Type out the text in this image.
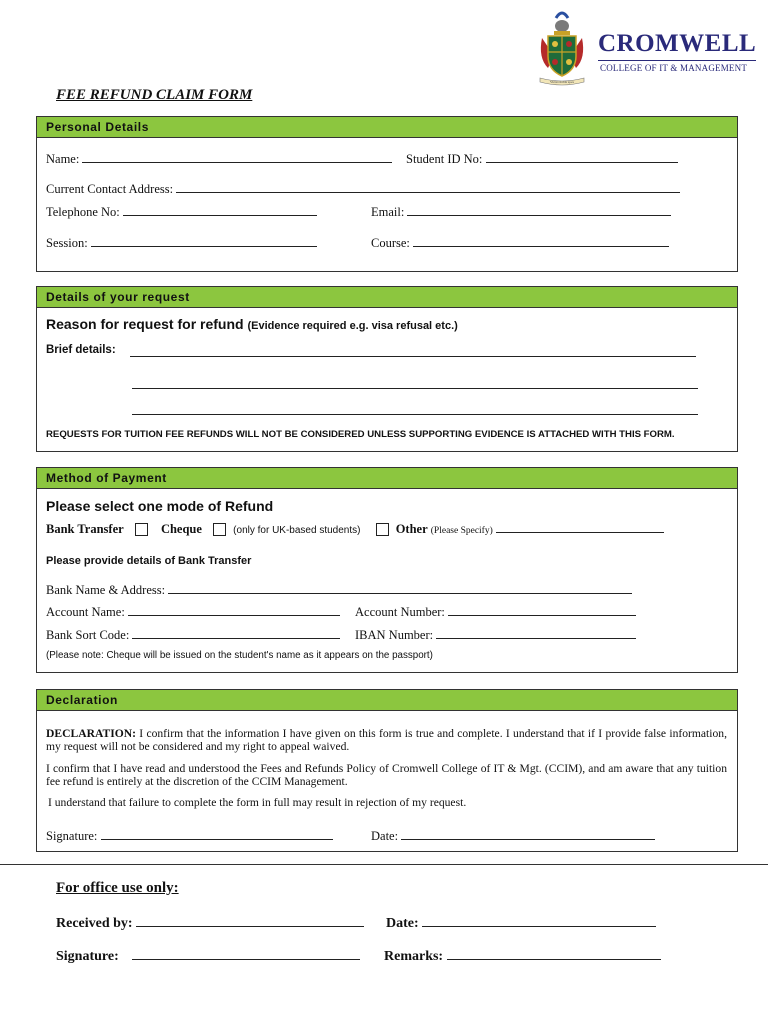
Virtus nobis spes
CROMWELL
COLLEGE OF IT & MANAGEMENT
FEE REFUND CLAIM FORM
Personal Details
Name:	Student ID No:
Current Contact Address:
Telephone No:	Email:
Session:	Course:
Details of your request
Reason for request for refund (Evidence required e.g. visa refusal etc.)
Brief details:
REQUESTS FOR TUITION FEE REFUNDS WILL NOT BE CONSIDERED UNLESS SUPPORTING EVIDENCE IS ATTACHED WITH THIS FORM.
Method of Payment
Please select one mode of Refund
Bank Transfer	Cheque	(only for UK-based students)	Other (Please Specify)
Please provide details of Bank Transfer
Bank Name & Address:
Account Name:	Account Number:
Bank Sort Code:	IBAN Number:
(Please note: Cheque will be issued on the student's name as it appears on the passport)
Declaration

DECLARATION: I confirm that the information I have given on this form is true and complete. I understand that if I provide false information, my request will not be considered and my right to appeal waived.

I confirm that I have read and understood the Fees and Refunds Policy of Cromwell College of IT & Mgt. (CCIM), and am aware that any tuition fee refund is entirely at the discretion of the CCIM Management.

I understand that failure to complete the form in full may result in rejection of my request.

Signature:	Date:
For office use only:
Received by:	Date:
Signature:	Remarks:
